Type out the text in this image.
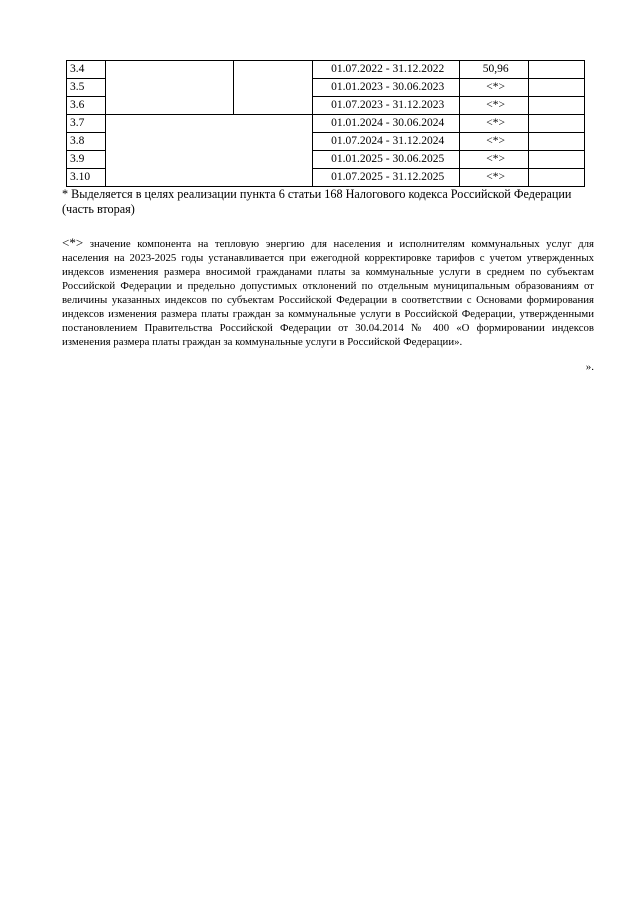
3.4			01.07.2022 - 31.12.2022	50,96	
3.5			01.01.2023 - 30.06.2023	<*>	
3.6			01.07.2023 - 31.12.2023	<*>	
3.7			01.01.2024 - 30.06.2024	<*>	
3.8			01.07.2024 - 31.12.2024	<*>	
3.9			01.01.2025 - 30.06.2025	<*>	
3.10			01.07.2025 - 31.12.2025	<*>	

* Выделяется в целях реализации пункта 6 статьи 168 Налогового кодекса Российской Федерации (часть вторая)

<*> значение компонента на тепловую энергию для населения и исполнителям коммунальных услуг для населения на 2023-2025 годы устанавливается при ежегодной корректировке тарифов с учетом утвержденных индексов изменения размера вносимой гражданами платы за коммунальные услуги в среднем по субъектам Российской Федерации и предельно допустимых отклонений по отдельным муниципальным образованиям от величины указанных индексов по субъектам Российской Федерации в соответствии с Основами формирования индексов изменения размера платы граждан за коммунальные услуги в Российской Федерации, утвержденными постановлением Правительства Российской Федерации от 30.04.2014 № 400 «О формировании индексов изменения размера платы граждан за коммунальные услуги в Российской Федерации».

».
